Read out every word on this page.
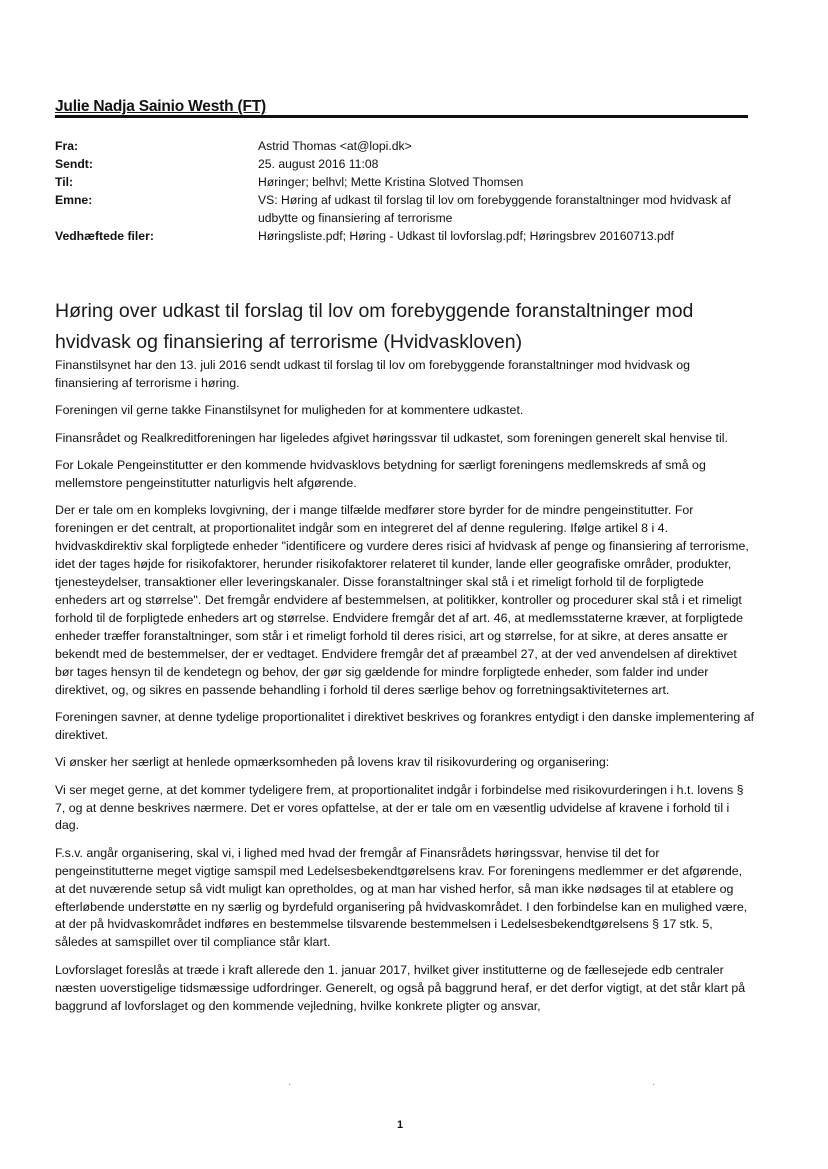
Julie Nadja Sainio Westh (FT)
Fra:	Astrid Thomas <at@lopi.dk>
Sendt:	25. august 2016 11:08
Til:	Høringer; belhvl; Mette Kristina Slotved Thomsen
Emne:	VS: Høring af udkast til forslag til lov om forebyggende foranstaltninger mod hvidvask af udbytte og finansiering af terrorisme
Vedhæftede filer:	Høringsliste.pdf; Høring - Udkast til lovforslag.pdf; Høringsbrev 20160713.pdf
Høring over udkast til forslag til lov om forebyggende foranstaltninger mod hvidvask og finansiering af terrorisme (Hvidvaskloven)

Finanstilsynet har den 13. juli 2016 sendt udkast til forslag til lov om forebyggende foranstaltninger mod hvidvask og finansiering af terrorisme i høring.

Foreningen vil gerne takke Finanstilsynet for muligheden for at kommentere udkastet.

Finansrådet og Realkreditforeningen har ligeledes afgivet høringssvar til udkastet, som foreningen generelt skal henvise til.

For Lokale Pengeinstitutter er den kommende hvidvasklovs betydning for særligt foreningens medlemskreds af små og mellemstore pengeinstitutter naturligvis helt afgørende.

Der er tale om en kompleks lovgivning, der i mange tilfælde medfører store byrder for de mindre pengeinstitutter. For foreningen er det centralt, at proportionalitet indgår som en integreret del af denne regulering. Ifølge artikel 8 i 4. hvidvaskdirektiv skal forpligtede enheder "identificere og vurdere deres risici af hvidvask af penge og finansiering af terrorisme, idet der tages højde for risikofaktorer, herunder risikofaktorer relateret til kunder, lande eller geografiske områder, produkter, tjenesteydelser, transaktioner eller leveringskanaler. Disse foranstaltninger skal stå i et rimeligt forhold til de forpligtede enheders art og størrelse". Det fremgår endvidere af bestemmelsen, at politikker, kontroller og procedurer skal stå i et rimeligt forhold til de forpligtede enheders art og størrelse. Endvidere fremgår det af art. 46, at medlemsstaterne kræver, at forpligtede enheder træffer foranstaltninger, som står i et rimeligt forhold til deres risici, art og størrelse, for at sikre, at deres ansatte er bekendt med de bestemmelser, der er vedtaget. Endvidere fremgår det af præambel 27, at der ved anvendelsen af direktivet bør tages hensyn til de kendetegn og behov, der gør sig gældende for mindre forpligtede enheder, som falder ind under direktivet, og, og sikres en passende behandling i forhold til deres særlige behov og forretningsaktiviteternes art.

Foreningen savner, at denne tydelige proportionalitet i direktivet beskrives og forankres entydigt i den danske implementering af direktivet.

Vi ønsker her særligt at henlede opmærksomheden på lovens krav til risikovurdering og organisering:

Vi ser meget gerne, at det kommer tydeligere frem, at proportionalitet indgår i forbindelse med risikovurderingen i h.t. lovens § 7, og at denne beskrives nærmere. Det er vores opfattelse, at der er tale om en væsentlig udvidelse af kravene i forhold til i dag.

F.s.v. angår organisering, skal vi, i lighed med hvad der fremgår af Finansrådets høringssvar, henvise til det for pengeinstitutterne meget vigtige samspil med Ledelsesbekendtgørelsens krav. For foreningens medlemmer er det afgørende, at det nuværende setup så vidt muligt kan opretholdes, og at man har vished herfor, så man ikke nødsages til at etablere og efterløbende understøtte en ny særlig og byrdefuld organisering på hvidvaskområdet. I den forbindelse kan en mulighed være, at der på hvidvaskområdet indføres en bestemmelse tilsvarende bestemmelsen i Ledelsesbekendtgørelsens § 17 stk. 5, således at samspillet over til compliance står klart.

Lovforslaget foreslås at træde i kraft allerede den 1. januar 2017, hvilket giver institutterne og de fællesejede edb centraler næsten uoverstigelige tidsmæssige udfordringer. Generelt, og også på baggrund heraf, er det derfor vigtigt, at det står klart på baggrund af lovforslaget og den kommende vejledning, hvilke konkrete pligter og ansvar,

·	·
1
